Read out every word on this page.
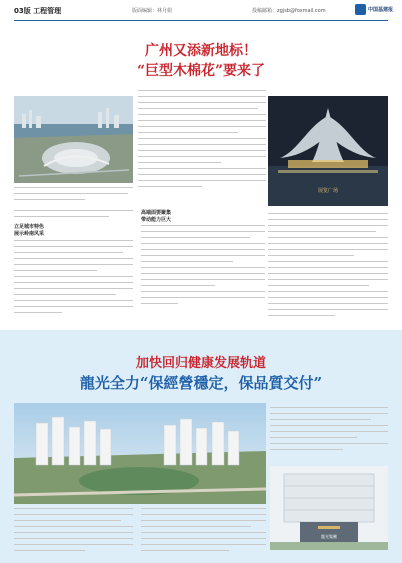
03版 工程管理	版面编辑：林月娟	投稿邮箱：zgjsb@foxmail.com	中国基建报
广州又添新地标！
“巨型木棉花”要来了
立足城市特色
展示岭南风采
高端面要聚集
带动能力巨大
展览广场
加快回归健康发展轨道
龍光全力“保經營穩定，保品質交付”
龍光集團
